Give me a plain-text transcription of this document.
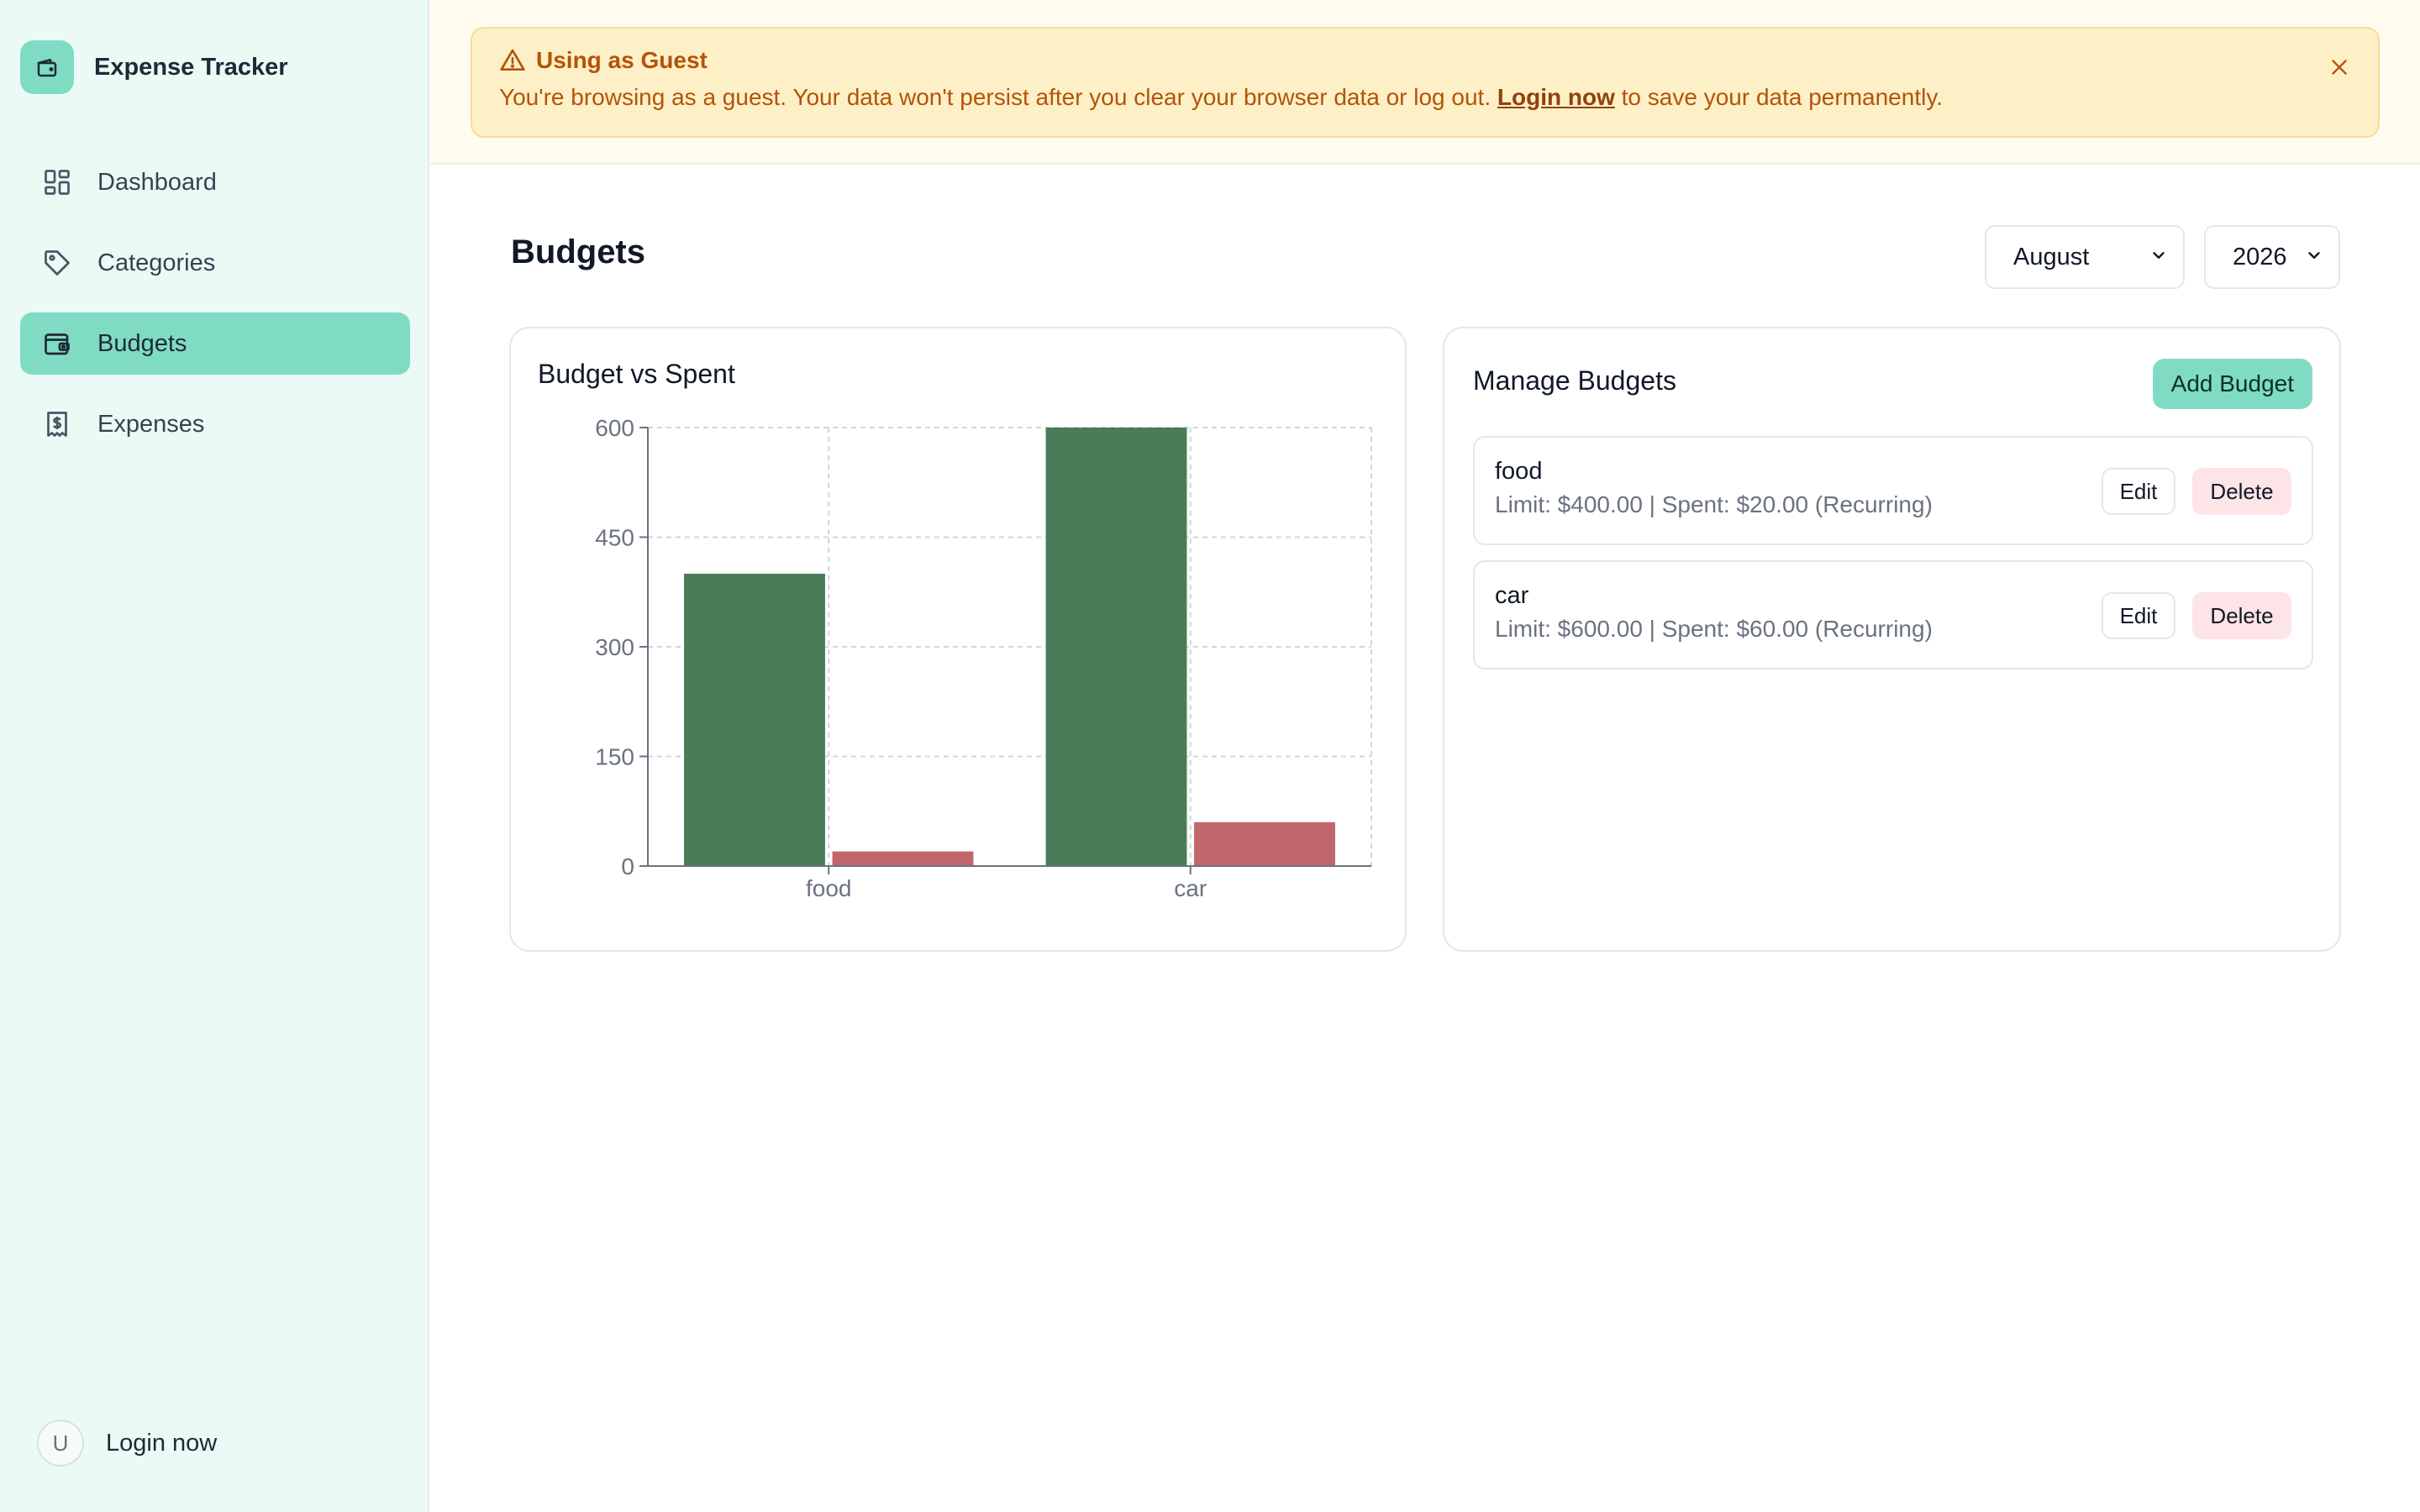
Expense Tracker
Dashboard
Categories
Budgets
Expenses
U	Login now
Using as Guest
You're browsing as a guest. Your data won't persist after you clear your browser data or log out. Login now to save your data permanently.
Budgets	August	2026
Budget vs Spent
0
150
300
450
600
food	car
Manage Budgets	Add Budget
food
Limit: $400.00 | Spent: $20.00 (Recurring)
Edit	Delete
car
Limit: $600.00 | Spent: $60.00 (Recurring)
Edit	Delete
